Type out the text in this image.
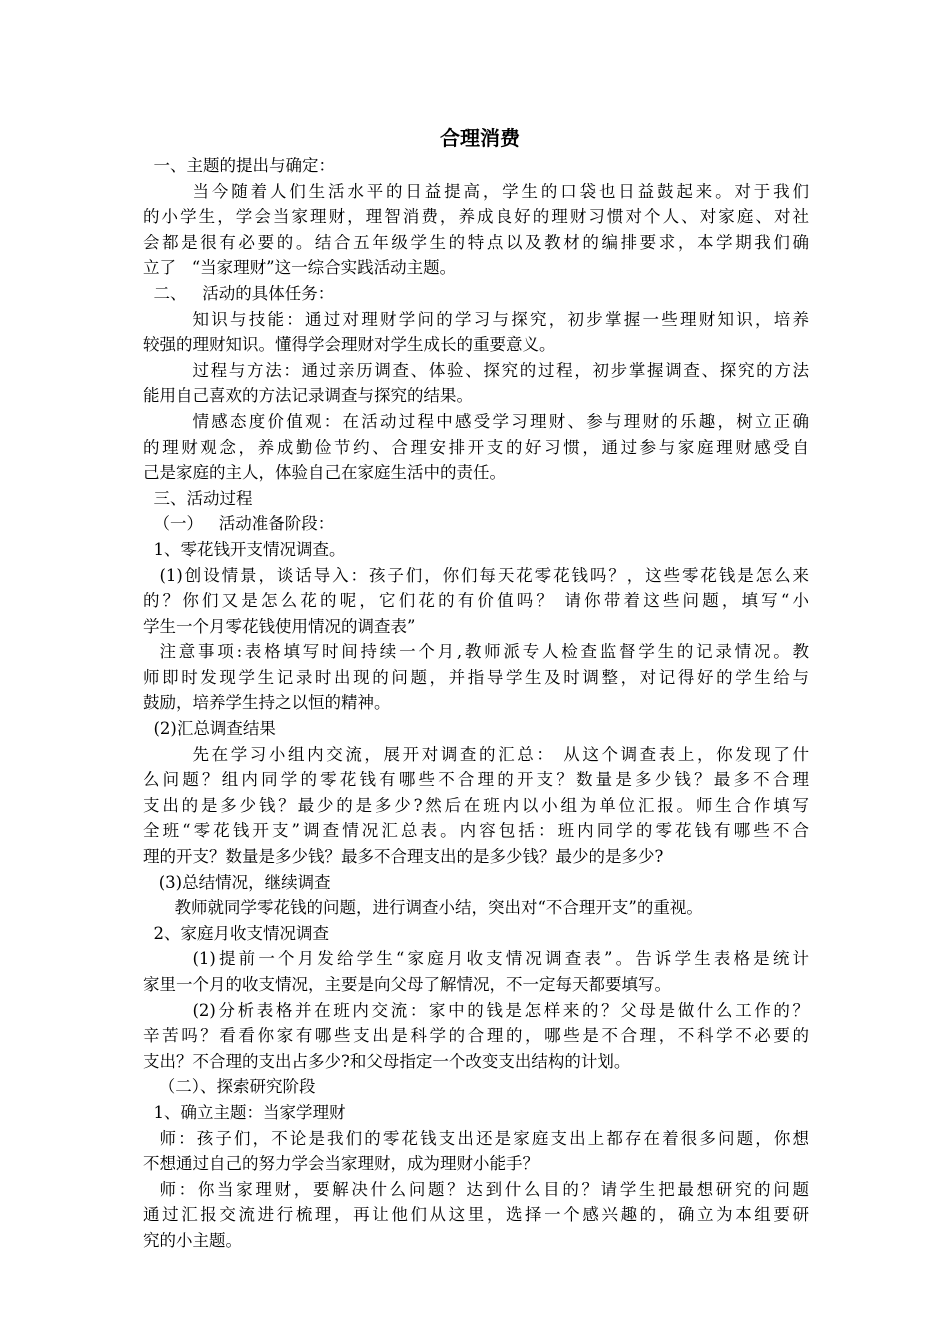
合理消费

一、主题的提出与确定：

当今随着人们生活水平的日益提高，学生的口袋也日益鼓起来。对于我们

的小学生，学会当家理财，理智消费，养成良好的理财习惯对个人、对家庭、对社

会都是很有必要的。结合五年级学生的特点以及教材的编排要求，本学期我们确

立了   “当家理财”这一综合实践活动主题。

二、   活动的具体任务：

知识与技能：通过对理财学问的学习与探究，初步掌握一些理财知识，培养

较强的理财知识。懂得学会理财对学生成长的重要意义。

过程与方法：通过亲历调查、体验、探究的过程，初步掌握调查、探究的方法

能用自己喜欢的方法记录调查与探究的结果。

情感态度价值观：在活动过程中感受学习理财、参与理财的乐趣，树立正确

的理财观念，养成勤俭节约、合理安排开支的好习惯，通过参与家庭理财感受自

己是家庭的主人，体验自己在家庭生活中的责任。

三、活动过程

（一）   活动准备阶段：

1、零花钱开支情况调查。

(1)创设情景，谈话导入：孩子们，你们每天花零花钱吗？，这些零花钱是怎么来

的？你们又是怎么花的呢，它们花的有价值吗？ 请你带着这些问题，填写“小

学生一个月零花钱使用情况的调查表”

注意事项:表格填写时间持续一个月,教师派专人检查监督学生的记录情况。教

师即时发现学生记录时出现的问题，并指导学生及时调整，对记得好的学生给与

鼓励，培养学生持之以恒的精神。

(2)汇总调查结果

先在学习小组内交流，展开对调查的汇总： 从这个调查表上，你发现了什

么问题？组内同学的零花钱有哪些不合理的开支？数量是多少钱？最多不合理

支出的是多少钱？最少的是多少?然后在班内以小组为单位汇报。师生合作填写

全班“零花钱开支”调查情况汇总表。内容包括：班内同学的零花钱有哪些不合

理的开支？数量是多少钱？最多不合理支出的是多少钱？最少的是多少?

(3)总结情况，继续调查

教师就同学零花钱的问题，进行调查小结，突出对“不合理开支”的重视。

2、家庭月收支情况调查

(1)提前一个月发给学生“家庭月收支情况调查表”。告诉学生表格是统计

家里一个月的收支情况，主要是向父母了解情况，不一定每天都要填写。

(2)分析表格并在班内交流：家中的钱是怎样来的？父母是做什么工作的？

辛苦吗？看看你家有哪些支出是科学的合理的，哪些是不合理，不科学不必要的

支出？不合理的支出占多少?和父母指定一个改变支出结构的计划。

（二）、探索研究阶段

1、确立主题：当家学理财

师：孩子们，不论是我们的零花钱支出还是家庭支出上都存在着很多问题，你想

不想通过自己的努力学会当家理财，成为理财小能手？

师：你当家理财，要解决什么问题？达到什么目的？请学生把最想研究的问题

通过汇报交流进行梳理，再让他们从这里，选择一个感兴趣的，确立为本组要研

究的小主题。
